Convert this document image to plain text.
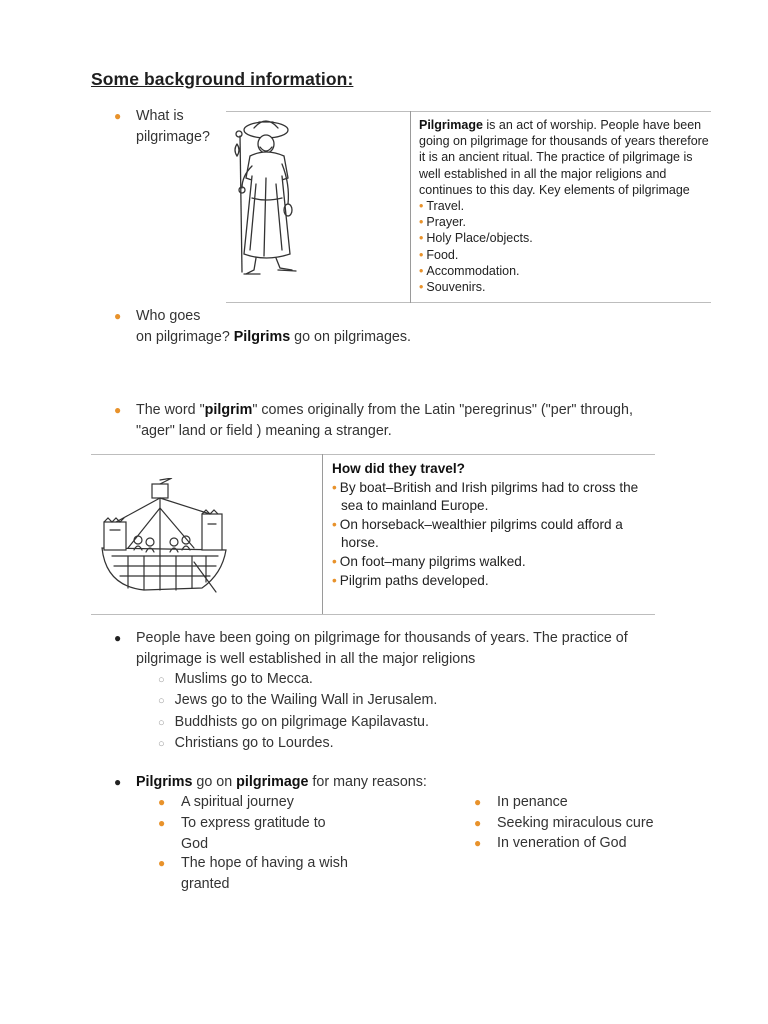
Some background information:
● What is
pilgrimage?
Pilgrimage is an act of worship. People have been
going on pilgrimage for thousands of years therefore
it is an ancient ritual. The practice of pilgrimage is
well established in all the major religions and
continues to this day. Key elements of pilgrimage
• Travel.
• Prayer.
• Holy Place/objects.
• Food.
• Accommodation.
• Souvenirs.
● Who goes
on pilgrimage? Pilgrims go on pilgrimages.
● The word "pilgrim" comes originally from the Latin "peregrinus" ("per" through,
"ager" land or field ) meaning a stranger.
How did they travel?
• By boat–British and Irish pilgrims had to cross the
sea to mainland Europe.
• On horseback–wealthier pilgrims could afford a
horse.
• On foot–many pilgrims walked.
• Pilgrim paths developed.
● People have been going on pilgrimage for thousands of years. The practice of
pilgrimage is well established in all the major religions
○ Muslims go to Mecca.
○ Jews go to the Wailing Wall in Jerusalem.
○ Buddhists go on pilgrimage Kapilavastu.
○ Christians go to Lourdes.
● Pilgrims go on pilgrimage for many reasons:
● A spiritual journey
● To express gratitude to
God
● The hope of having a wish
granted
● In penance
● Seeking miraculous cure
● In veneration of God
